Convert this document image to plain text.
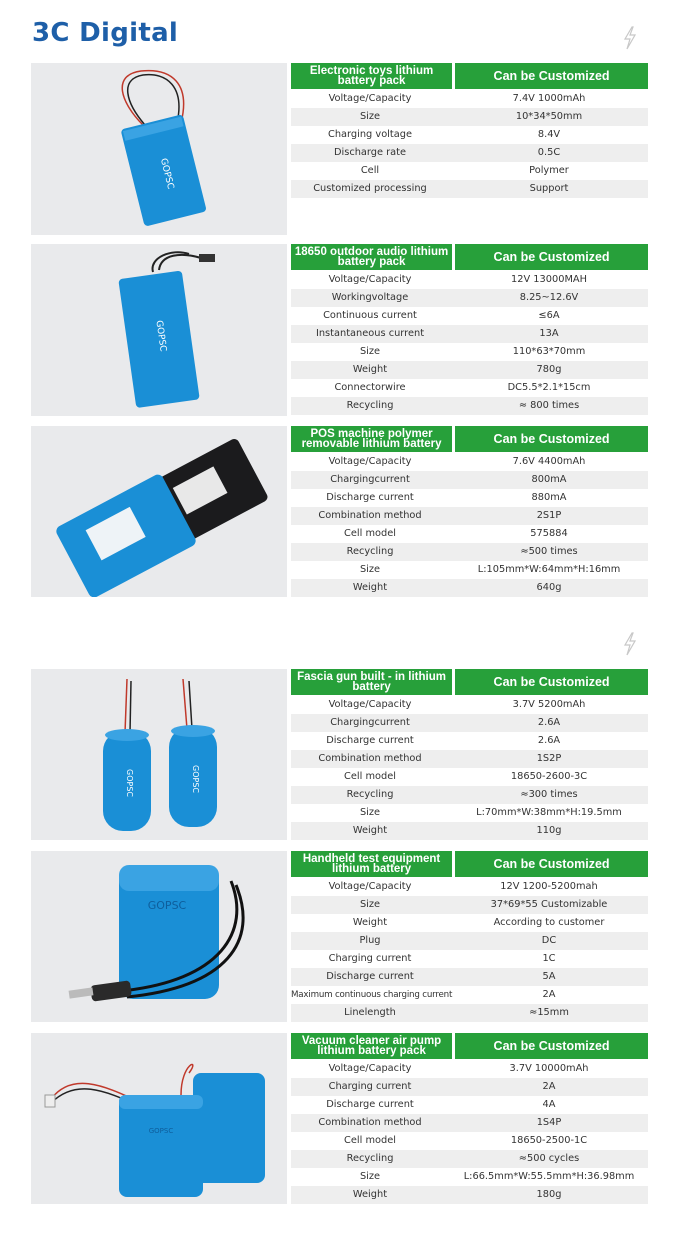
3C Digital
GOPSC
Electronic toys lithium battery pack	Can be Customized
Voltage/Capacity	7.4V 1000mAh
Size	10*34*50mm
Charging voltage	8.4V
Discharge rate	0.5C
Cell	Polymer
Customized processing	Support
GOPSC
18650 outdoor audio lithium battery pack	Can be Customized
Voltage/Capacity	12V 13000MAH
Workingvoltage	8.25~12.6V
Continuous current	≤6A
Instantaneous current	13A
Size	110*63*70mm
Weight	780g
Connectorwire	DC5.5*2.1*15cm
Recycling	≈ 800 times
POS machine polymer removable lithium battery	Can be Customized
Voltage/Capacity	7.6V 4400mAh
Chargingcurrent	800mA
Discharge current	880mA
Combination method	2S1P
Cell model	575884
Recycling	≈500 times
Size	L:105mm*W:64mm*H:16mm
Weight	640g
GOPSC	GOPSC
Fascia gun built - in lithium battery	Can be Customized
Voltage/Capacity	3.7V 5200mAh
Chargingcurrent	2.6A
Discharge current	2.6A
Combination method	1S2P
Cell model	18650-2600-3C
Recycling	≈300 times
Size	L:70mm*W:38mm*H:19.5mm
Weight	110g
GOPSC
Handheld test equipment lithium battery	Can be Customized
Voltage/Capacity	12V 1200-5200mah
Size	37*69*55 Customizable
Weight	According to customer
Plug	DC
Charging current	1C
Discharge current	5A
Maximum continuous charging current	2A
Linelength	≈15mm
GOPSC
Vacuum cleaner air pump lithium battery pack	Can be Customized
Voltage/Capacity	3.7V 10000mAh
Charging current	2A
Discharge current	4A
Combination method	1S4P
Cell model	18650-2500-1C
Recycling	≈500 cycles
Size	L:66.5mm*W:55.5mm*H:36.98mm
Weight	180g
